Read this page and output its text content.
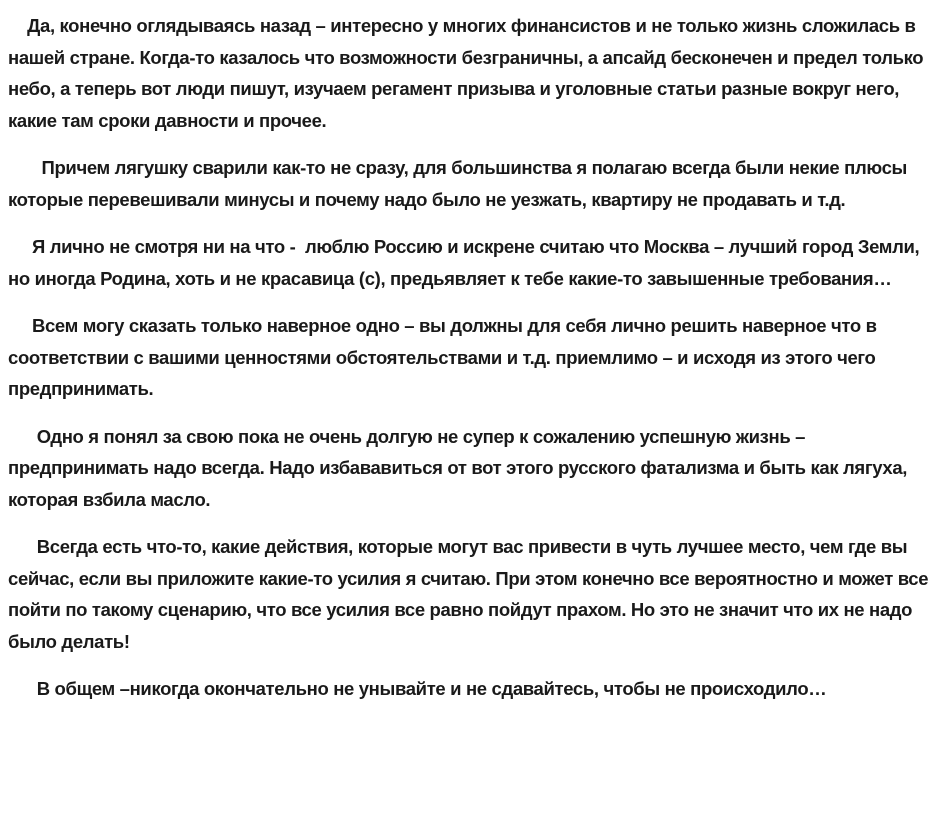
Да, конечно оглядываясь назад – интересно у многих финансистов и не только жизнь сложилась в нашей стране. Когда-то казалось что возможности безграничны, а апсайд бесконечен и предел только небо, а теперь вот люди пишут, изучаем регамент призыва и уголовные статьи разные вокруг него, какие там сроки давности и прочее.

Причем лягушку сварили как-то не сразу, для большинства я полагаю всегда были некие плюсы которые перевешивали минусы и почему надо было не уезжать, квартиру не продавать и т.д.

Я лично не смотря ни на что -  люблю Россию и искрене считаю что Москва – лучший город Земли, но иногда Родина, хоть и не красавица (с), предьявляет к тебе какие-то завышенные требования…

Всем могу сказать только наверное одно – вы должны для себя лично решить наверное что в соответствии с вашими ценностями обстоятельствами и т.д. приемлимо – и исходя из этого чего предпринимать.

Одно я понял за свою пока не очень долгую не супер к сожалению успешную жизнь – предпринимать надо всегда. Надо избававиться от вот этого русского фатализма и быть как лягуха, которая взбила масло.

Всегда есть что-то, какие действия, которые могут вас привести в чуть лучшее место, чем где вы сейчас, если вы приложите какие-то усилия я считаю. При этом конечно все вероятностно и может все пойти по такому сценарию, что все усилия все равно пойдут прахом. Но это не значит что их не надо было делать!

В общем –никогда окончательно не унывайте и не сдавайтесь, чтобы не происходило…
